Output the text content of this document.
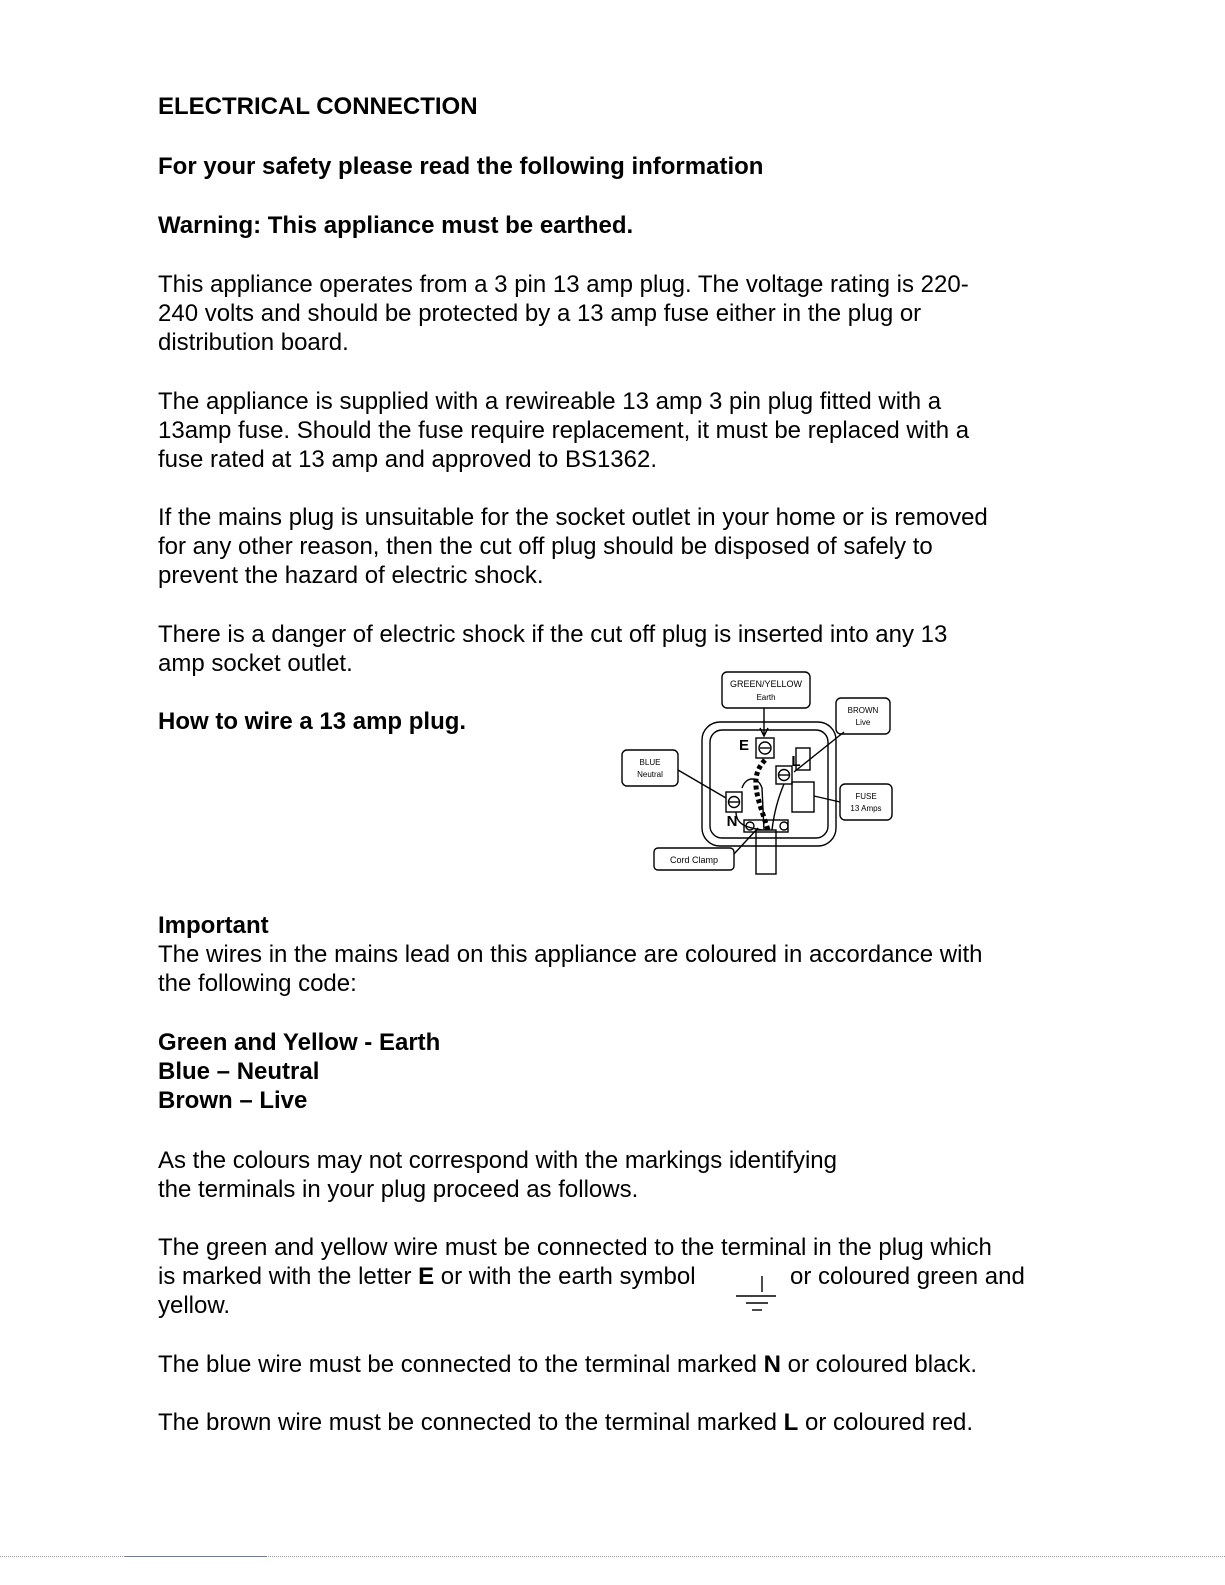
ELECTRICAL CONNECTION

For your safety please read the following information

Warning: This appliance must be earthed.

This appliance operates from a 3 pin 13 amp plug. The voltage rating is 220-

240 volts and should be protected by a 13 amp fuse either in the plug or

distribution board.

The appliance is supplied with a rewireable 13 amp 3 pin plug fitted with a

13amp fuse. Should the fuse require replacement, it must be replaced with a

fuse rated at 13 amp and approved to BS1362.

If the mains plug is unsuitable for the socket outlet in your home or is removed

for any other reason, then the cut off plug should be disposed of safely to

prevent the hazard of electric shock.

There is a danger of electric shock if the cut off plug is inserted into any 13

amp socket outlet.

How to wire a 13 amp plug.

GREEN/YELLOW
Earth
BROWN
Live
BLUE
Neutral
FUSE
13 Amps
Cord Clamp
E
L
N

Important

The wires in the mains lead on this appliance are coloured in accordance with

the following code:

Green and Yellow - Earth

Blue – Neutral

Brown – Live

As the colours may not correspond with the markings identifying

the terminals in your plug proceed as follows.

The green and yellow wire must be connected to the terminal in the plug which

is marked with the letter E or with the earth symbol	or coloured green and

yellow.

The blue wire must be connected to the terminal marked N or coloured black.

The brown wire must be connected to the terminal marked L or coloured red.
